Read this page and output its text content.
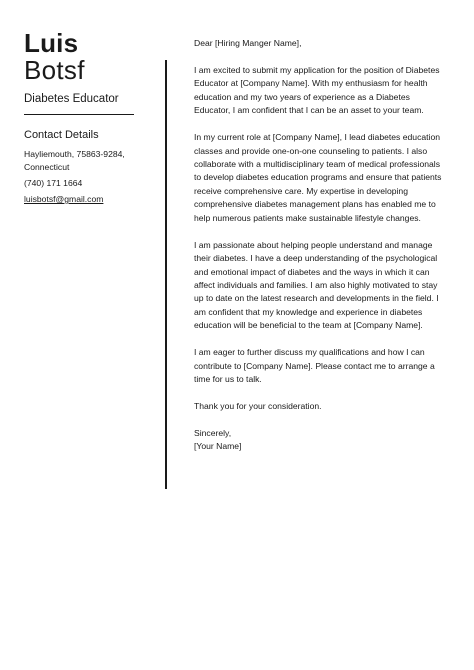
Luis
Botsf
Diabetes Educator
Contact Details
Hayliemouth, 75863-9284,
Connecticut
(740) 171 1664
luisbotsf@gmail.com

Dear [Hiring Manger Name],

I am excited to submit my application for the position of Diabetes Educator at [Company Name]. With my enthusiasm for health education and my two years of experience as a Diabetes Educator, I am confident that I can be an asset to your team.

In my current role at [Company Name], I lead diabetes education classes and provide one-on-one counseling to patients. I also collaborate with a multidisciplinary team of medical professionals to develop diabetes education programs and ensure that patients receive comprehensive care. My expertise in developing comprehensive diabetes management plans has enabled me to help numerous patients make sustainable lifestyle changes.

I am passionate about helping people understand and manage their diabetes. I have a deep understanding of the psychological and emotional impact of diabetes and the ways in which it can affect individuals and families. I am also highly motivated to stay up to date on the latest research and developments in the field. I am confident that my knowledge and experience in diabetes education will be beneficial to the team at [Company Name].

I am eager to further discuss my qualifications and how I can contribute to [Company Name]. Please contact me to arrange a time for us to talk.

Thank you for your consideration.

Sincerely,

[Your Name]
